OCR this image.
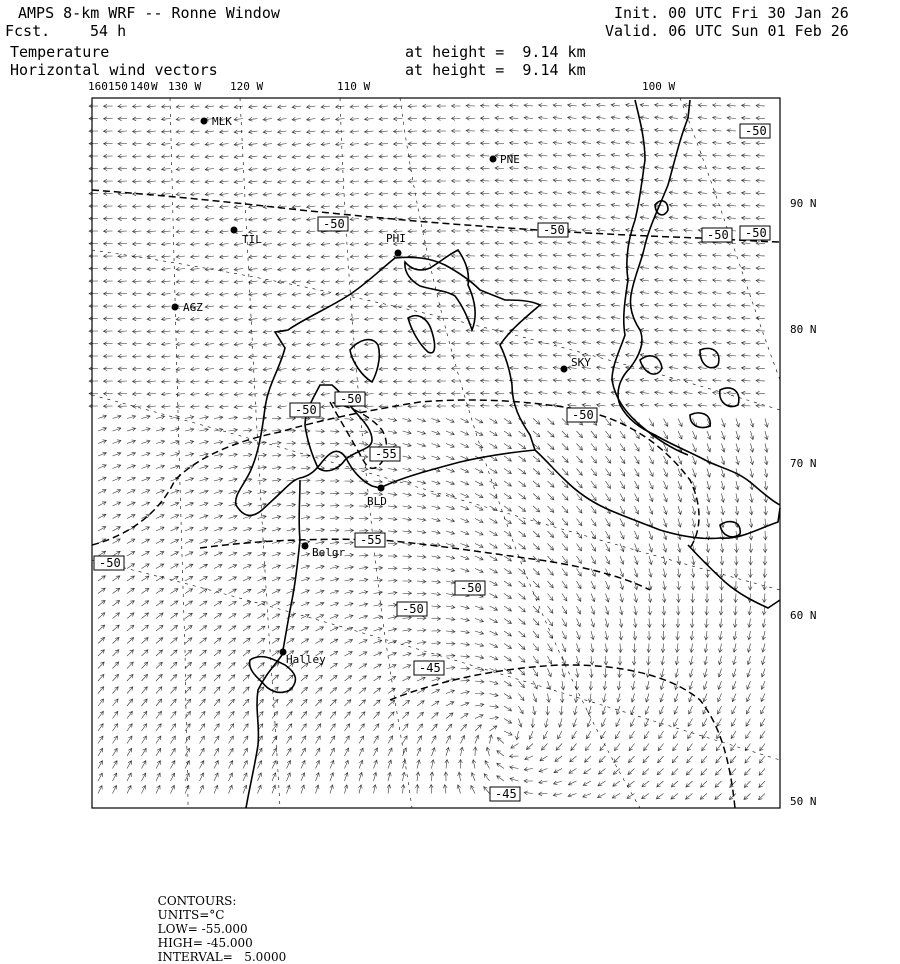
AMPS 8-km WRF -- Ronne Window
Fcst.	54 h
Init. 00 UTC Fri 30 Jan 26
Valid. 06 UTC Sun 01 Feb 26
Temperature
Horizontal wind vectors
at height =  9.14 km
at height =  9.14 km
MLK
PNE
TIL	PHI
AGZ
SKY
BLD
Belgr
Halley
-50
-50	-50	-50 -50
-50
-50
-50
-55
-55
-50
-50
-50
-45
-45
160 150 140 W 130 W	120 W	110 W	100 W
90 N
80 N
70 N
60 N
50 N

CONTOURS:
UNITS=°C
LOW= -55.000
HIGH= -45.000
INTERVAL=   5.0000
